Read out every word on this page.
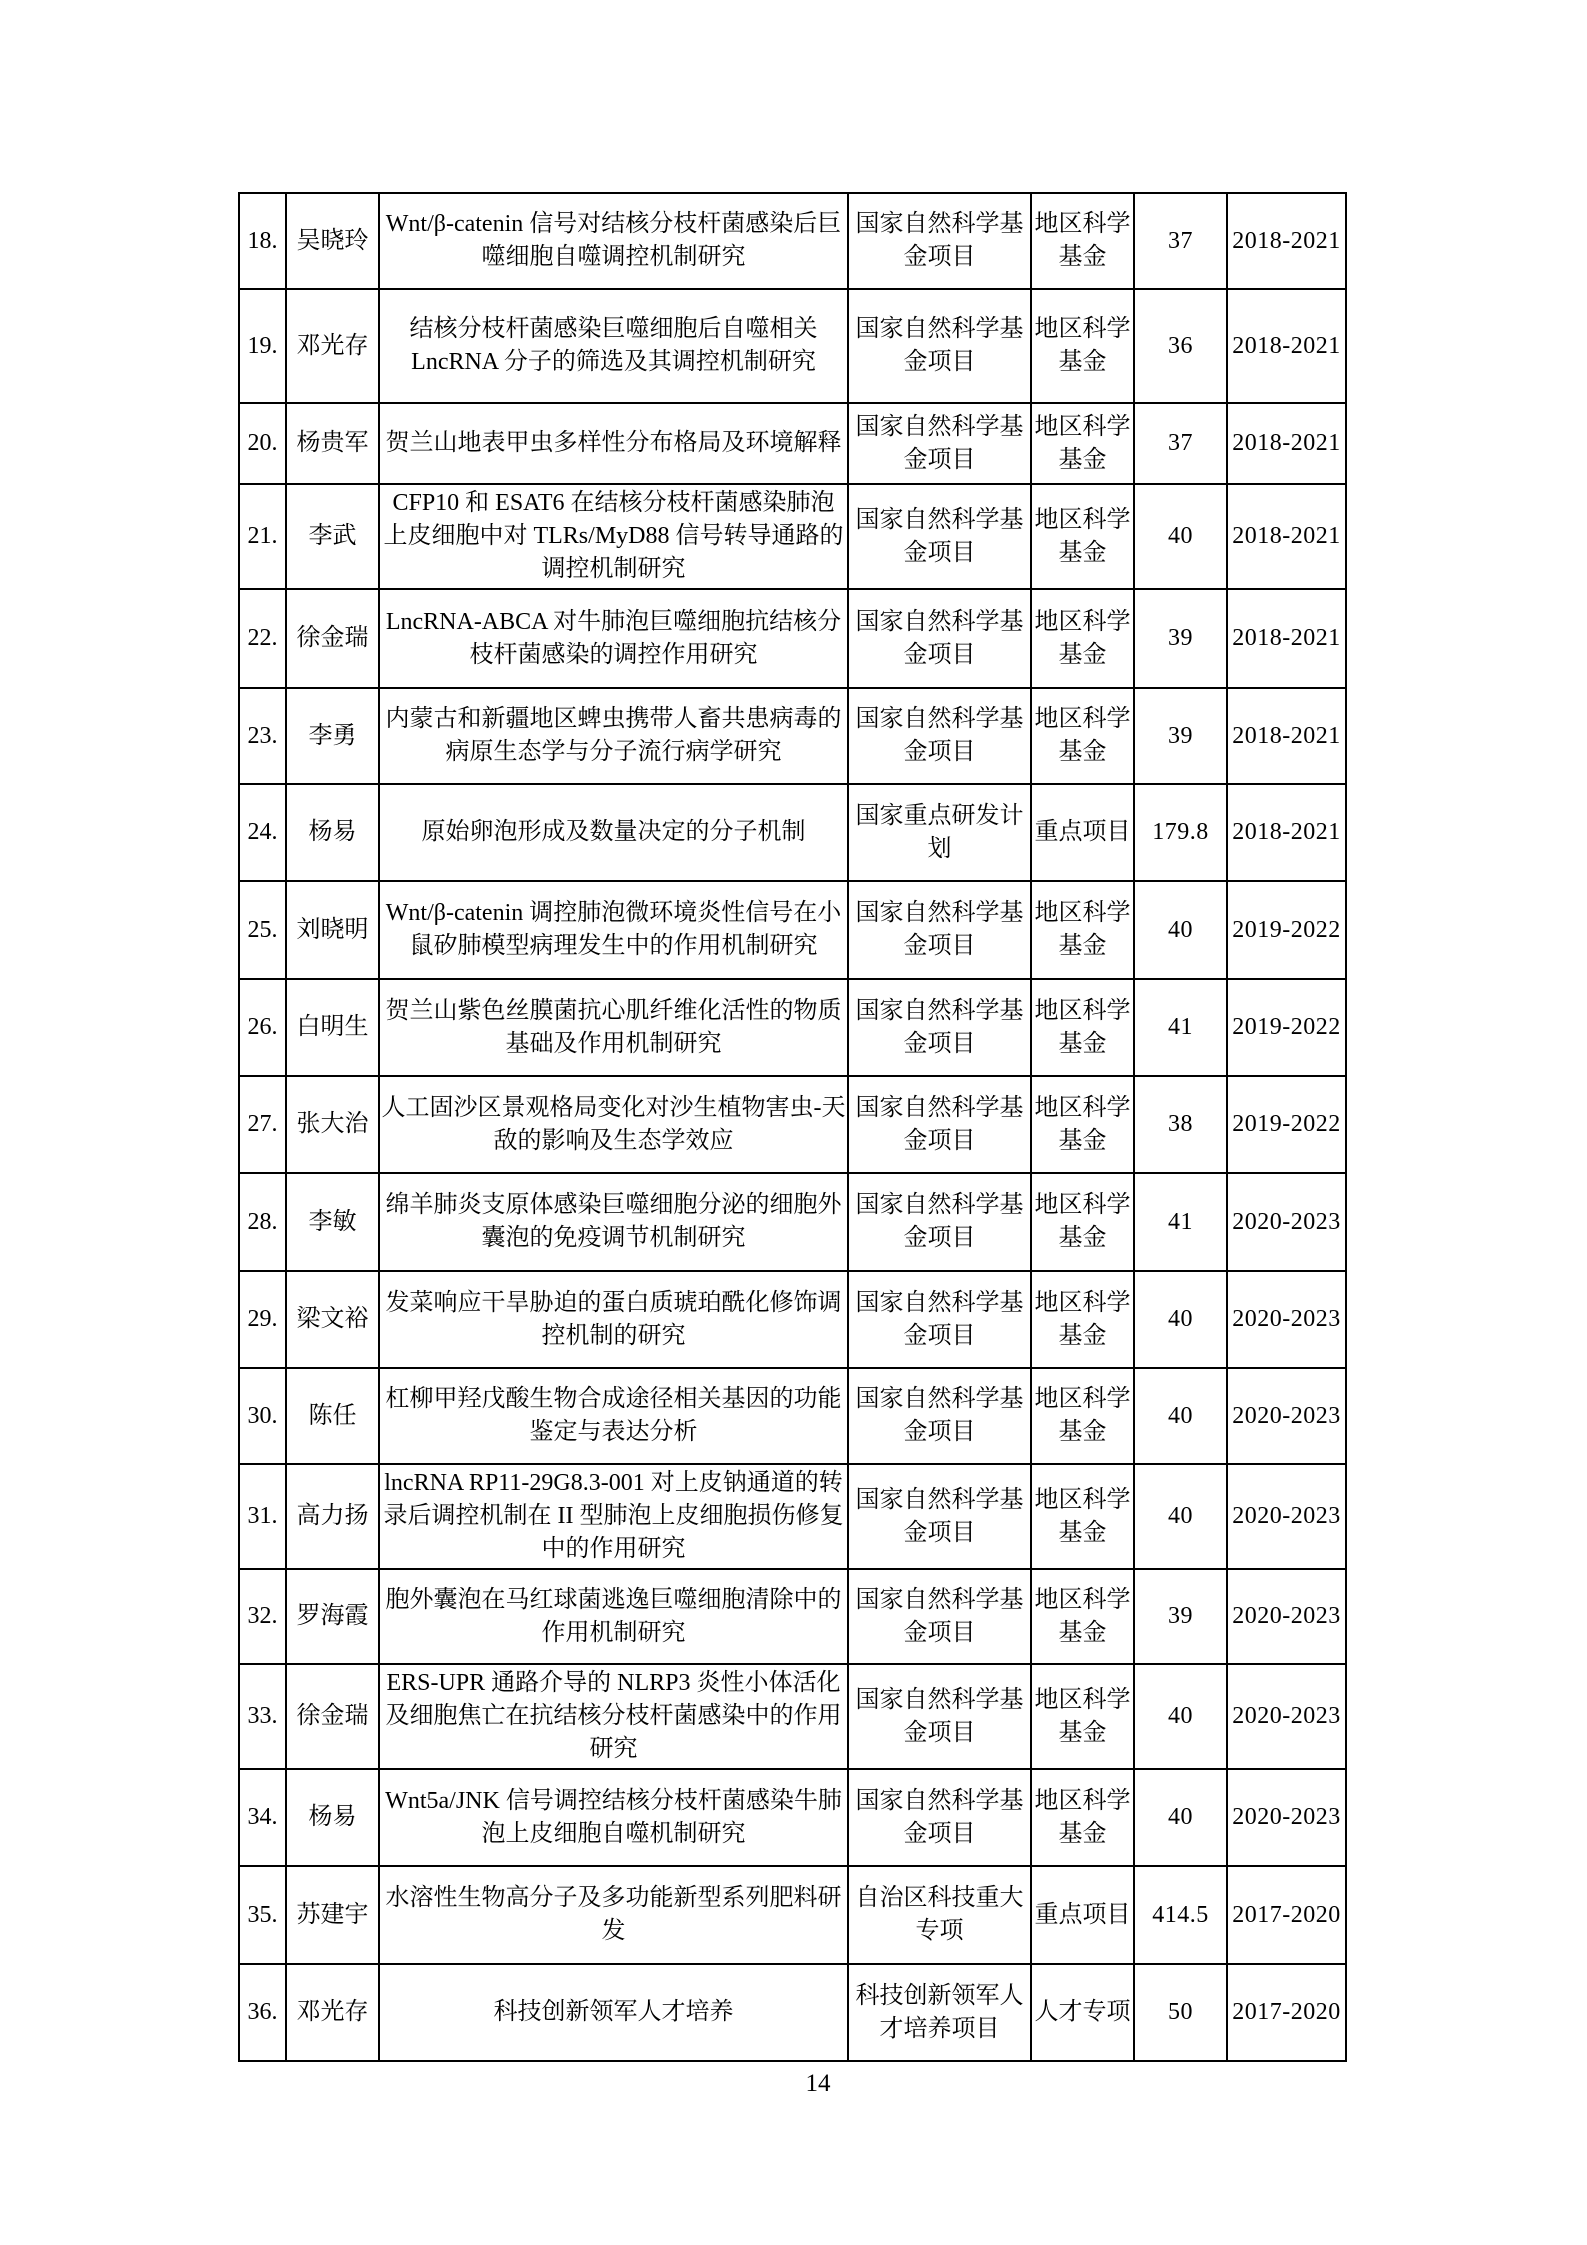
18.	吴晓玲	Wnt/β-catenin 信号对结核分枝杆菌感染后巨噬细胞自噬调控机制研究	国家自然科学基金项目	地区科学基金	37	2018-2021
19.	邓光存	结核分枝杆菌感染巨噬细胞后自噬相关 LncRNA 分子的筛选及其调控机制研究	国家自然科学基金项目	地区科学基金	36	2018-2021
20.	杨贵军	贺兰山地表甲虫多样性分布格局及环境解释	国家自然科学基金项目	地区科学基金	37	2018-2021
21.	李武	CFP10 和 ESAT6 在结核分枝杆菌感染肺泡上皮细胞中对 TLRs/MyD88 信号转导通路的调控机制研究	国家自然科学基金项目	地区科学基金	40	2018-2021
22.	徐金瑞	LncRNA-ABCA 对牛肺泡巨噬细胞抗结核分枝杆菌感染的调控作用研究	国家自然科学基金项目	地区科学基金	39	2018-2021
23.	李勇	内蒙古和新疆地区蜱虫携带人畜共患病毒的病原生态学与分子流行病学研究	国家自然科学基金项目	地区科学基金	39	2018-2021
24.	杨易	原始卵泡形成及数量决定的分子机制	国家重点研发计划	重点项目	179.8	2018-2021
25.	刘晓明	Wnt/β-catenin 调控肺泡微环境炎性信号在小鼠矽肺模型病理发生中的作用机制研究	国家自然科学基金项目	地区科学基金	40	2019-2022
26.	白明生	贺兰山紫色丝膜菌抗心肌纤维化活性的物质基础及作用机制研究	国家自然科学基金项目	地区科学基金	41	2019-2022
27.	张大治	人工固沙区景观格局变化对沙生植物害虫-天敌的影响及生态学效应	国家自然科学基金项目	地区科学基金	38	2019-2022
28.	李敏	绵羊肺炎支原体感染巨噬细胞分泌的细胞外囊泡的免疫调节机制研究	国家自然科学基金项目	地区科学基金	41	2020-2023
29.	梁文裕	发菜响应干旱胁迫的蛋白质琥珀酰化修饰调控机制的研究	国家自然科学基金项目	地区科学基金	40	2020-2023
30.	陈任	杠柳甲羟戊酸生物合成途径相关基因的功能鉴定与表达分析	国家自然科学基金项目	地区科学基金	40	2020-2023
31.	高力扬	lncRNA RP11-29G8.3-001 对上皮钠通道的转录后调控机制在 II 型肺泡上皮细胞损伤修复中的作用研究	国家自然科学基金项目	地区科学基金	40	2020-2023
32.	罗海霞	胞外囊泡在马红球菌逃逸巨噬细胞清除中的作用机制研究	国家自然科学基金项目	地区科学基金	39	2020-2023
33.	徐金瑞	ERS-UPR 通路介导的 NLRP3 炎性小体活化及细胞焦亡在抗结核分枝杆菌感染中的作用研究	国家自然科学基金项目	地区科学基金	40	2020-2023
34.	杨易	Wnt5a/JNK 信号调控结核分枝杆菌感染牛肺泡上皮细胞自噬机制研究	国家自然科学基金项目	地区科学基金	40	2020-2023
35.	苏建宇	水溶性生物高分子及多功能新型系列肥料研发	自治区科技重大专项	重点项目	414.5	2017-2020
36.	邓光存	科技创新领军人才培养	科技创新领军人才培养项目	人才专项	50	2017-2020
14
